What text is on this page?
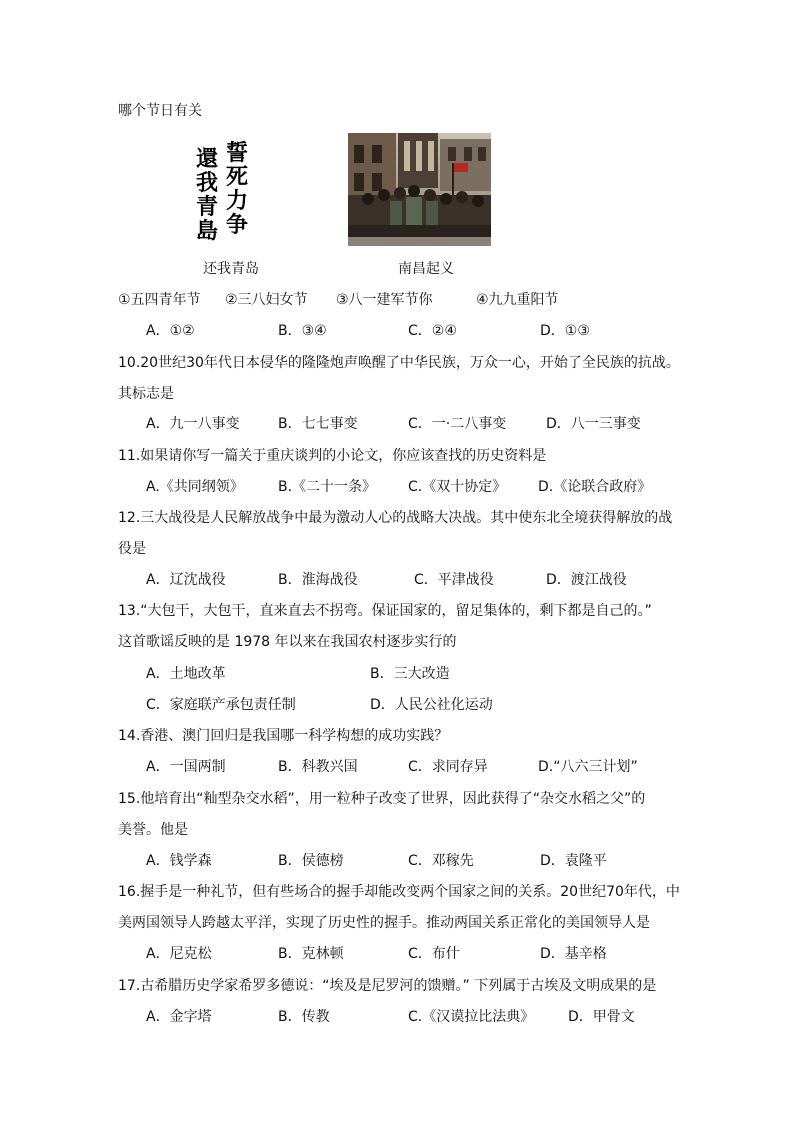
哪个节日有关
誓
死
力
争
還
我
青
島
还我青岛	南昌起义
①五四青年节 ②三八妇女节 ③八一建军节你	④九九重阳节
A．①②	B．③④	C．②④	D．①③
10.20世纪30年代日本侵华的隆隆炮声唤醒了中华民族，万众一心，开始了全民族的抗战。
其标志是
A．九一八事变	B．七七事变	C．一·二八事变	D．八一三事变
11.如果请你写一篇关于重庆谈判的小论文，你应该查找的历史资料是
A.《共同纲领》 B.《二十一条》 C.《双十协定》 D.《论联合政府》
12.三大战役是人民解放战争中最为激动人心的战略大决战。其中使东北全境获得解放的战
役是
A．辽沈战役	B．淮海战役	C．平津战役	D．渡江战役
13.“大包干，大包干，直来直去不拐弯。保证国家的，留足集体的，剩下都是自己的。”
这首歌谣反映的是 1978 年以来在我国农村逐步实行的
A．土地改革	B．三大改造
C．家庭联产承包责任制	D．人民公社化运动
14.香港、澳门回归是我国哪一科学构想的成功实践？
A．一国两制	B．科教兴国	C．求同存异	D.“八六三计划”
15.他培育出“籼型杂交水稻”，用一粒种子改变了世界，因此获得了“杂交水稻之父”的
美誉。他是
A．钱学森	B．侯德榜	C．邓稼先	D．袁隆平
16.握手是一种礼节，但有些场合的握手却能改变两个国家之间的关系。20世纪70年代，中
美两国领导人跨越太平洋，实现了历史性的握手。推动两国关系正常化的美国领导人是
A．尼克松	B．克林顿	C．布什	D．基辛格
17.古希腊历史学家希罗多德说：“埃及是尼罗河的馈赠。” 下列属于古埃及文明成果的是
A．金字塔	B．传教	C.《汉谟拉比法典》 D．甲骨文
